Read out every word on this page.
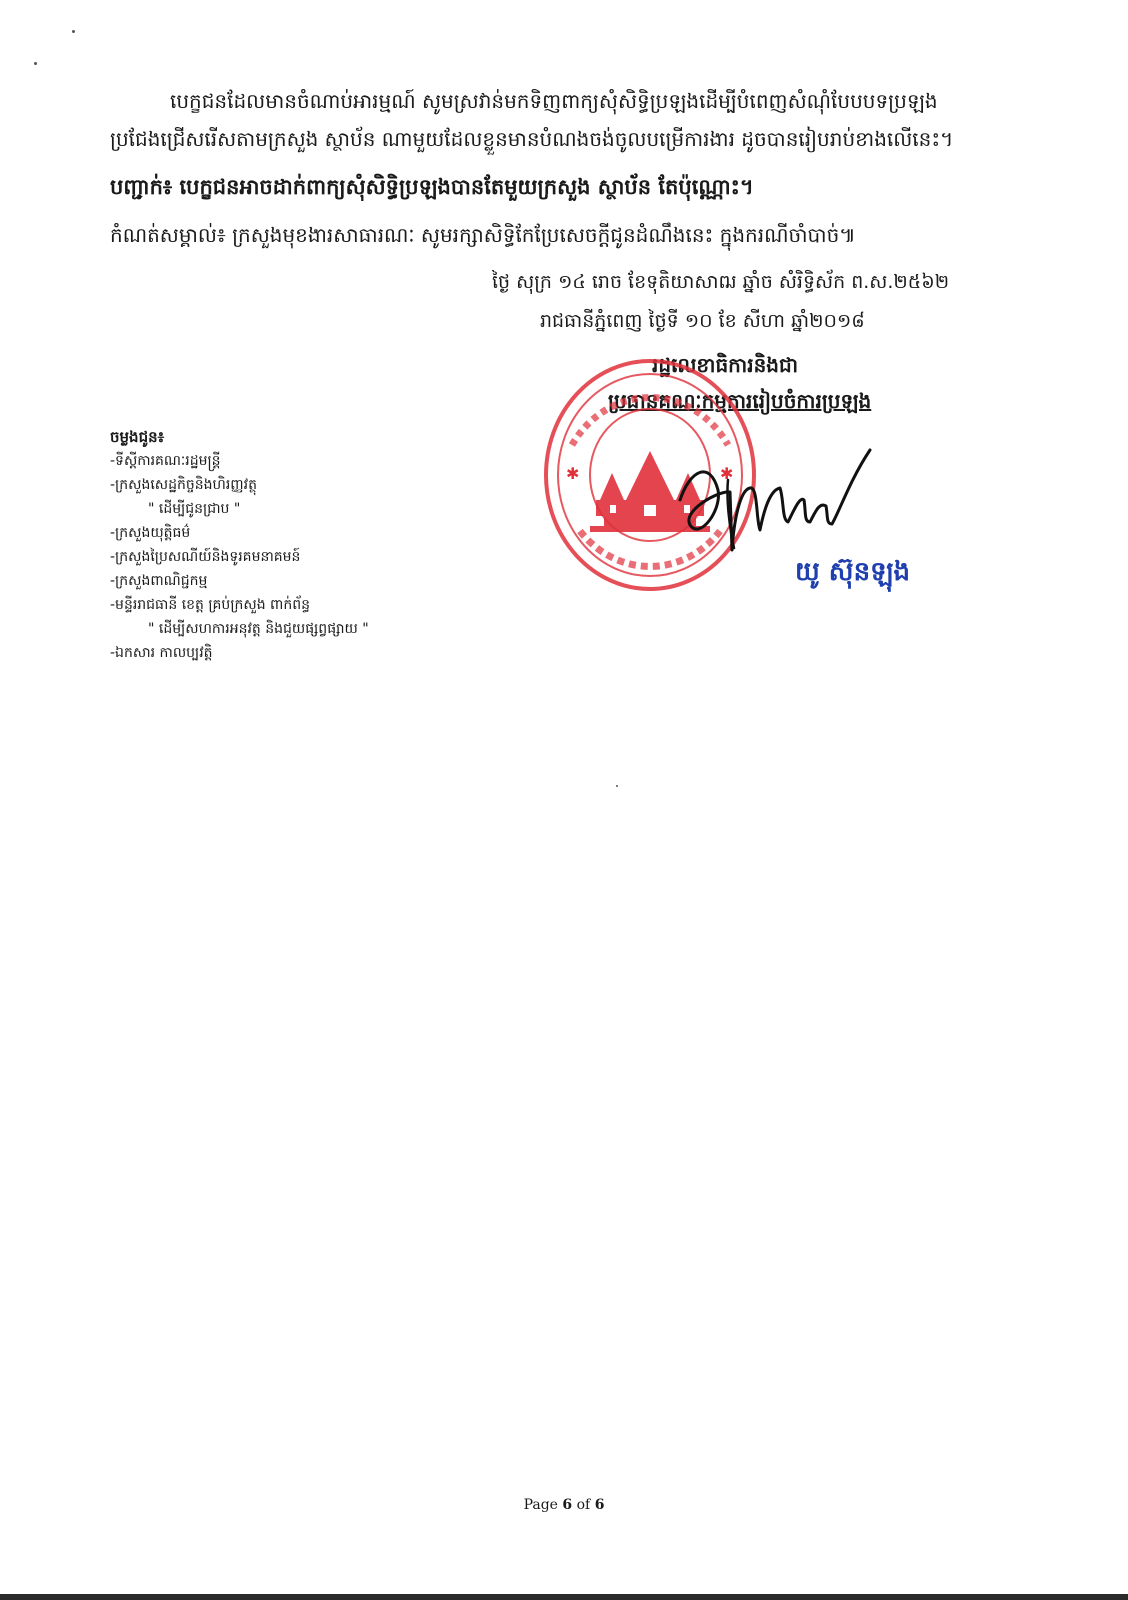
បេក្ខជនដែលមានចំណាប់អារម្មណ៍ សូមស្រវាន់មកទិញពាក្យសុំសិទ្ធិប្រឡងដើម្បីបំពេញសំណុំបែបបទប្រឡង
ប្រជែងជ្រើសរើសតាមក្រសួង ស្ថាប័ន ណាមួយដែលខ្លួនមានបំណងចង់ចូលបម្រើការងារ ដូចបានរៀបរាប់ខាងលើនេះ។
បញ្ជាក់៖ បេក្ខជនអាចដាក់ពាក្យសុំសិទ្ធិប្រឡងបានតែមួយក្រសួង ស្ថាប័ន តែប៉ុណ្ណោះ។
កំណត់សម្គាល់៖ ក្រសួងមុខងារសាធារណៈ សូមរក្សាសិទ្ធិកែប្រែសេចក្ដីជូនដំណឹងនេះ ក្នុងករណីចាំបាច់៕
ថ្ងៃ សុក្រ ១៤ រោច ខែទុតិយាសាឍ ឆ្នាំច សំរិទ្ធិស័ក ព.ស.២៥៦២
រាជធានីភ្នំពេញ ថ្ងៃទី ១០ ខែ សីហា ឆ្នាំ២០១៨
រដ្ឋលេខាធិការនិងជា
ប្រធានគណៈកម្មការរៀបចំការប្រឡង
✱	✱
យូ ស៊ុនឡុង
ចម្លងជូន៖
-ទីស្ដីការគណៈរដ្ឋមន្ត្រី
-ក្រសួងសេដ្ឋកិច្ចនិងហិរញ្ញវត្ថុ
" ដើម្បីជូនជ្រាប "
-ក្រសួងយុត្តិធម៌
-ក្រសួងប្រៃសណីយ៍និងទូរគមនាគមន៍
-ក្រសួងពាណិជ្ជកម្ម
-មន្ទីររាជធានី ខេត្ត គ្រប់ក្រសួង ពាក់ព័ន្ធ
" ដើម្បីសហការអនុវត្ត និងជួយផ្សព្វផ្សាយ "
-ឯកសារ កាលប្បវត្តិ
Page 6 of 6
